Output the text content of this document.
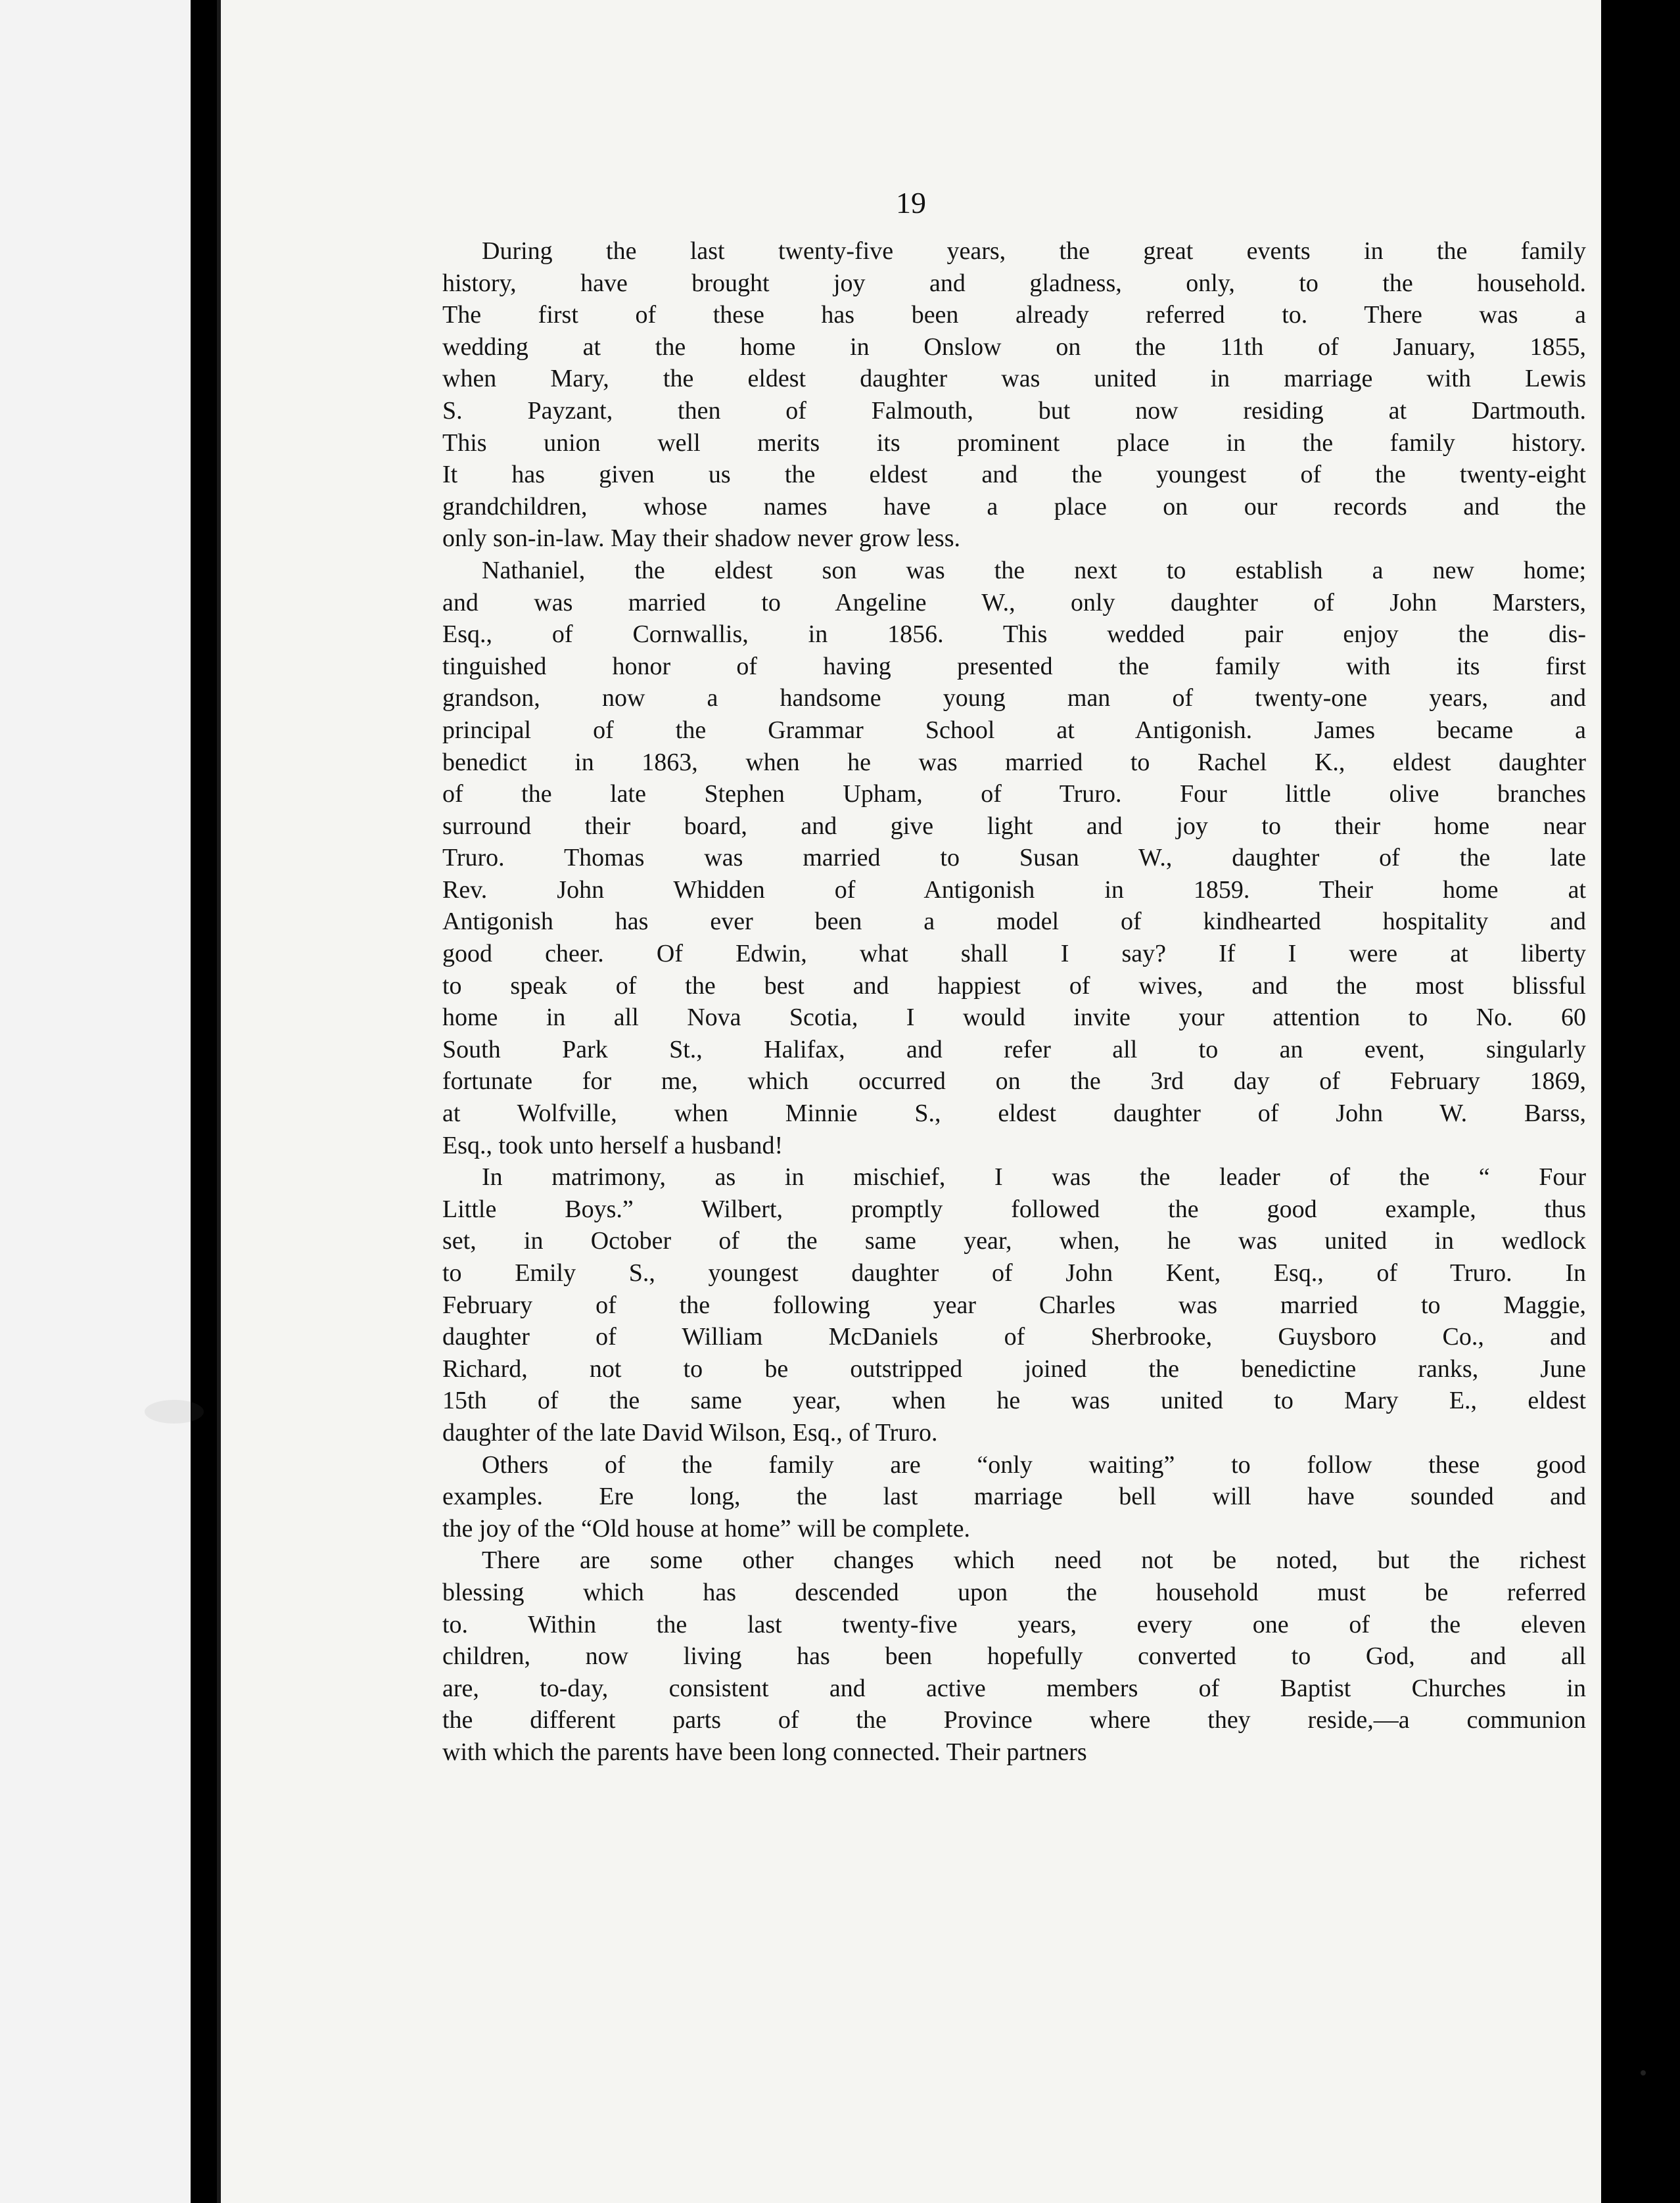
19

During the last twenty-five years, the great events in the family
history, have brought joy and gladness, only, to the household.
The first of these has been already referred to. There was a
wedding at the home in Onslow on the 11th of January, 1855,
when Mary, the eldest daughter was united in marriage with Lewis
S. Payzant, then of Falmouth, but now residing at Dartmouth.
This union well merits its prominent place in the family history.
It has given us the eldest and the youngest of the twenty-eight
grandchildren, whose names have a place on our records and the
only son-in-law. May their shadow never grow less.

Nathaniel, the eldest son was the next to establish a new home;
and was married to Angeline W., only daughter of John Marsters,
Esq., of Cornwallis, in 1856. This wedded pair enjoy the dis-
tinguished honor of having presented the family with its first
grandson, now a handsome young man of twenty-one years, and
principal of the Grammar School at Antigonish. James became a
benedict in 1863, when he was married to Rachel K., eldest daughter
of the late Stephen Upham, of Truro. Four little olive branches
surround their board, and give light and joy to their home near
Truro. Thomas was married to Susan W., daughter of the late
Rev. John Whidden of Antigonish in 1859. Their home at
Antigonish has ever been a model of kindhearted hospitality and
good cheer. Of Edwin, what shall I say? If I were at liberty
to speak of the best and happiest of wives, and the most blissful
home in all Nova Scotia, I would invite your attention to No. 60
South Park St., Halifax, and refer all to an event, singularly
fortunate for me, which occurred on the 3rd day of February 1869,
at Wolfville, when Minnie S., eldest daughter of John W. Barss,
Esq., took unto herself a husband!

In matrimony, as in mischief, I was the leader of the “ Four
Little Boys.” Wilbert, promptly followed the good example, thus
set, in October of the same year, when, he was united in wedlock
to Emily S., youngest daughter of John Kent, Esq., of Truro. In
February of the following year Charles was married to Maggie,
daughter of William McDaniels of Sherbrooke, Guysboro Co., and
Richard, not to be outstripped joined the benedictine ranks, June
15th of the same year, when he was united to Mary E., eldest
daughter of the late David Wilson, Esq., of Truro.

Others of the family are “only waiting” to follow these good
examples. Ere long, the last marriage bell will have sounded and
the joy of the “Old house at home” will be complete.

There are some other changes which need not be noted, but the richest
blessing which has descended upon the household must be referred
to. Within the last twenty-five years, every one of the eleven
children, now living has been hopefully converted to God, and all
are, to-day, consistent and active members of Baptist Churches in
the different parts of the Province where they reside,—a communion
with which the parents have been long connected. Their partners
